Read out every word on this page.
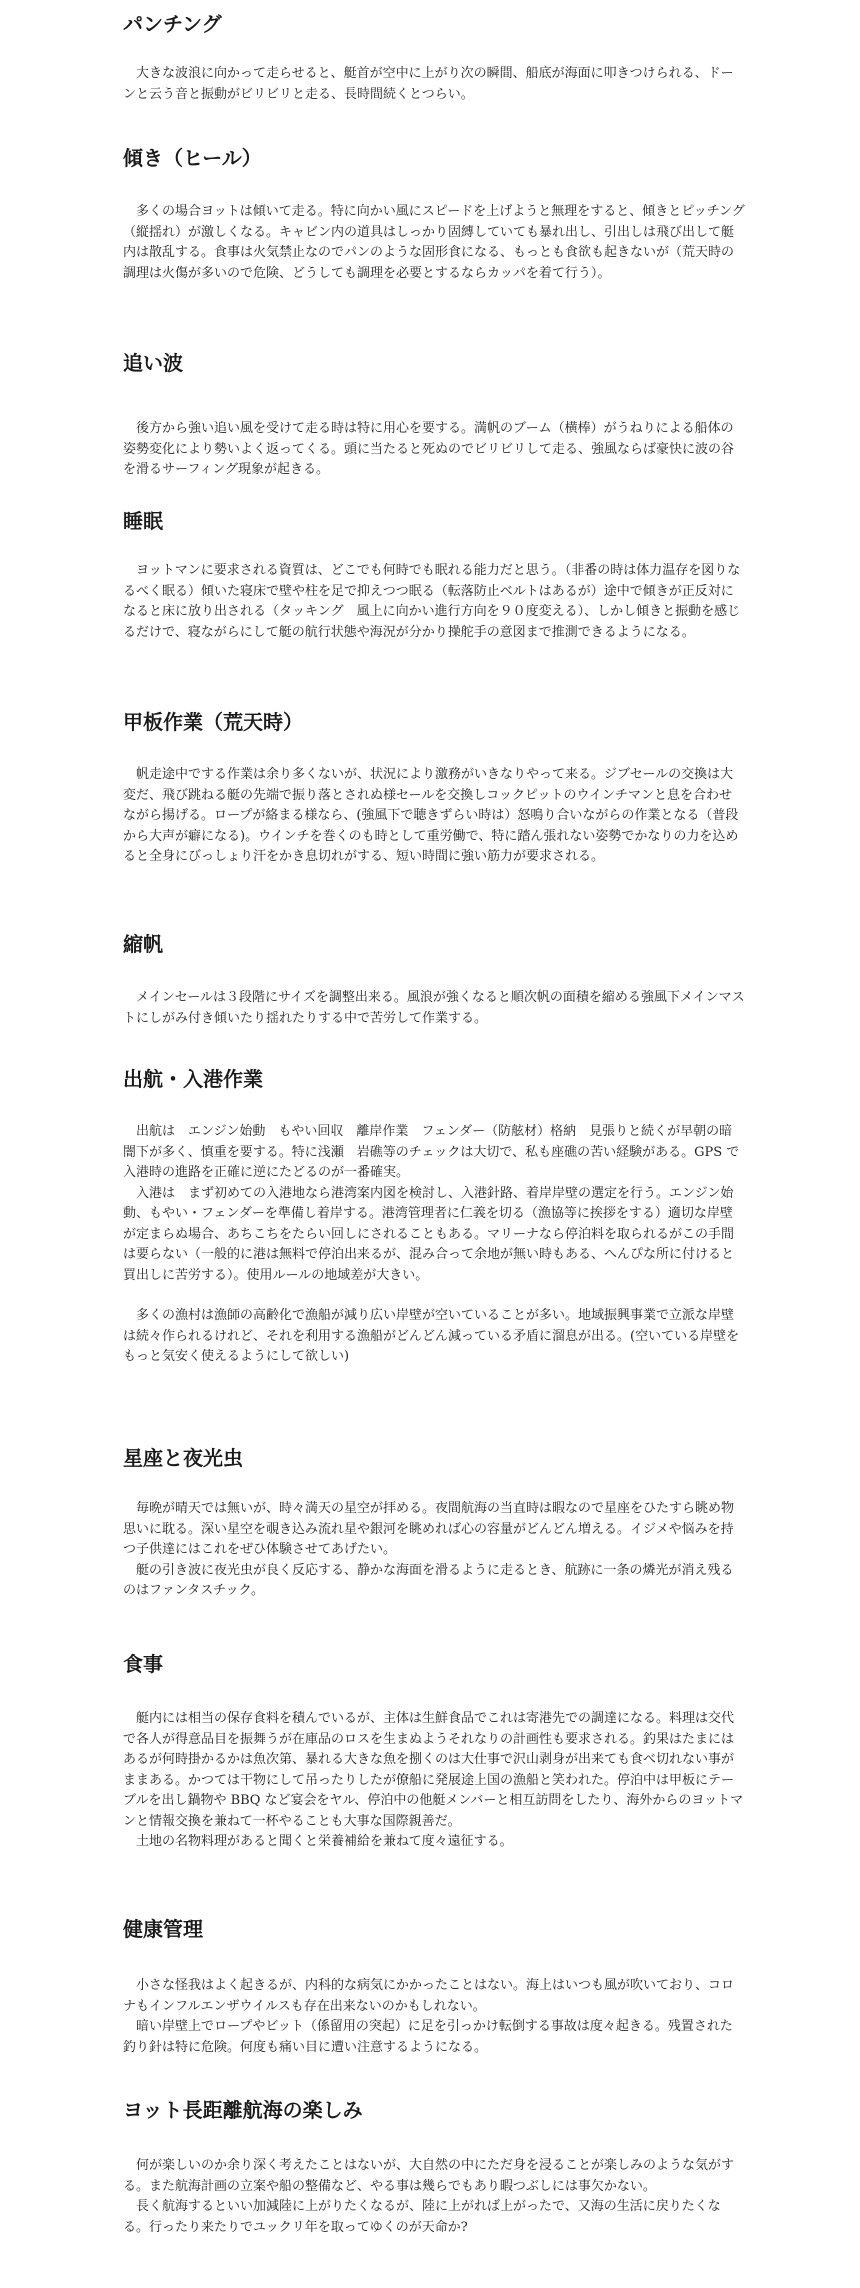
パンチング

大きな波浪に向かって走らせると、艇首が空中に上がり次の瞬間、船底が海面に叩きつけられる、ドーンと云う音と振動がビリビリと走る、長時間続くとつらい。

傾き（ヒール）

多くの場合ヨットは傾いて走る。特に向かい風にスピードを上げようと無理をすると、傾きとピッチング（縦揺れ）が激しくなる。キャビン内の道具はしっかり固縛していても暴れ出し、引出しは飛び出して艇内は散乱する。食事は火気禁止なのでパンのような固形食になる、もっとも食欲も起きないが（荒天時の調理は火傷が多いので危険、どうしても調理を必要とするならカッパを着て行う）。

追い波

後方から強い追い風を受けて走る時は特に用心を要する。満帆のブーム（横棒）がうねりによる船体の姿勢変化により勢いよく返ってくる。頭に当たると死ぬのでビリビリして走る、強風ならば豪快に波の谷を滑るサーフィング現象が起きる。

睡眠

ヨットマンに要求される資質は、どこでも何時でも眠れる能力だと思う。（非番の時は体力温存を図りなるべく眠る）傾いた寝床で壁や柱を足で抑えつつ眠る（転落防止ベルトはあるが）途中で傾きが正反対になると床に放り出される（タッキング　風上に向かい進行方向を９０度変える）、しかし傾きと振動を感じるだけで、寝ながらにして艇の航行状態や海況が分かり操舵手の意図まで推測できるようになる。

甲板作業（荒天時）

帆走途中でする作業は余り多くないが、状況により激務がいきなりやって来る。ジブセールの交換は大変だ、飛び跳ねる艇の先端で振り落とされぬ様セールを交換しコックピットのウインチマンと息を合わせながら揚げる。ロープが絡まる様なら、(強風下で聴きずらい時は）怒鳴り合いながらの作業となる（普段から大声が癖になる)。ウインチを巻くのも時として重労働で、特に踏ん張れない姿勢でかなりの力を込めると全身にびっしょり汗をかき息切れがする、短い時間に強い筋力が要求される。

縮帆

メインセールは３段階にサイズを調整出来る。風浪が強くなると順次帆の面積を縮める強風下メインマストにしがみ付き傾いたり揺れたりする中で苦労して作業する。

出航・入港作業

出航は　エンジン始動　もやい回収　離岸作業　フェンダー（防舷材）格納　見張りと続くが早朝の暗闇下が多く、慎重を要する。特に浅瀬　岩礁等のチェックは大切で、私も座礁の苦い経験がある。GPS で入港時の進路を正確に逆にたどるのが一番確実。

入港は　まず初めての入港地なら港湾案内図を検討し、入港針路、着岸岸壁の選定を行う。エンジン始動、もやい・フェンダーを準備し着岸する。港湾管理者に仁義を切る（漁協等に挨拶をする）適切な岸壁が定まらぬ場合、あちこちをたらい回しにされることもある。マリーナなら停泊料を取られるがこの手間は要らない（一般的に港は無料で停泊出来るが、混み合って余地が無い時もある、へんぴな所に付けると買出しに苦労する）。使用ルールの地域差が大きい。

多くの漁村は漁師の高齢化で漁船が減り広い岸壁が空いていることが多い。地域振興事業で立派な岸壁は続々作られるけれど、それを利用する漁船がどんどん減っている矛盾に溜息が出る。(空いている岸壁をもっと気安く使えるようにして欲しい)

星座と夜光虫

毎晩が晴天では無いが、時々満天の星空が拝める。夜間航海の当直時は暇なので星座をひたすら眺め物思いに耽る。深い星空を覗き込み流れ星や銀河を眺めれば心の容量がどんどん増える。イジメや悩みを持つ子供達にはこれをぜひ体験させてあげたい。

艇の引き波に夜光虫が良く反応する、静かな海面を滑るように走るとき、航跡に一条の燐光が消え残るのはファンタスチック。

食事

艇内には相当の保存食料を積んでいるが、主体は生鮮食品でこれは寄港先での調達になる。料理は交代で各人が得意品目を振舞うが在庫品のロスを生まぬようそれなりの計画性も要求される。釣果はたまにはあるが何時掛かるかは魚次第、暴れる大きな魚を捌くのは大仕事で沢山剥身が出来ても食べ切れない事がままある。かつては干物にして吊ったりしたが僚船に発展途上国の漁船と笑われた。停泊中は甲板にテーブルを出し鍋物や BBQ など宴会をヤル、停泊中の他艇メンバーと相互訪問をしたり、海外からのヨットマンと情報交換を兼ねて一杯やることも大事な国際親善だ。

土地の名物料理があると聞くと栄養補給を兼ねて度々遠征する。

健康管理

小さな怪我はよく起きるが、内科的な病気にかかったことはない。海上はいつも風が吹いており、コロナもインフルエンザウイルスも存在出来ないのかもしれない。

暗い岸壁上でロープやビット（係留用の突起）に足を引っかけ転倒する事故は度々起きる。残置された釣り針は特に危険。何度も痛い目に遭い注意するようになる。

ヨット長距離航海の楽しみ

何が楽しいのか余り深く考えたことはないが、大自然の中にただ身を浸ることが楽しみのような気がする。また航海計画の立案や船の整備など、やる事は幾らでもあり暇つぶしには事欠かない。

長く航海するといい加減陸に上がりたくなるが、陸に上がれば上がったで、又海の生活に戻りたくなる。行ったり来たりでユックリ年を取ってゆくのが天命か?
